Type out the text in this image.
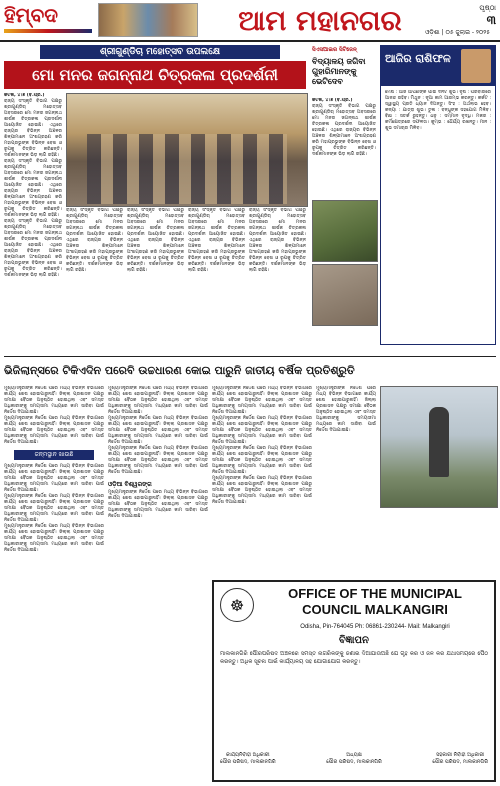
ହିମ୍ବଦ	ଆମ ମହାନଗର	ଓଡ଼ିଶା | ୦୫ ଜୁଲାଇ - ୨୦୨୫
ପୃଷ୍ଠା
୩
ଶ୍ରୀଗୁଣ୍ଡିଚା ମହୋତ୍ସବ ଉପଲକ୍ଷେ
ମୋ ମନର ଜଗନ୍ନାଥ ଚିତ୍ରକଳା ପ୍ରଦର୍ଶନୀ
କଟକ, ୪।୭ (ବି.ପ୍ର.)
ରାଜ୍ୟ ସଂସ୍କୃତି ବିଭାଗ ପକ୍ଷରୁ ଶ୍ରୀଗୁଣ୍ଡିଚା ମହୋତ୍ସବ ଅବସରରେ ମୋ ମନର ଜଗନ୍ନାଥ ଶୀର୍ଷକ ଚିତ୍ରକଳା ପ୍ରଦର୍ଶନୀ ଆୟୋଜିତ ହୋଇଛି। ଏଥିରେ ରାଜ୍ୟର ବିଭିନ୍ନ ଅଞ୍ଚଳର ଶିଳ୍ପୀମାନେ ଅଂଶଗ୍ରହଣ କରି ମହାପ୍ରଭୁଙ୍କ ବିଭିନ୍ନ ବେଶ ଓ ରୂପକୁ ଚିତ୍ରିତ କରିଛନ୍ତି। ଦର୍ଶକମାନଙ୍କ ଭିଡ଼ ଲାଗି ରହିଛି।
ରାଜ୍ୟ ସଂସ୍କୃତି ବିଭାଗ ପକ୍ଷରୁ ଶ୍ରୀଗୁଣ୍ଡିଚା ମହୋତ୍ସବ ଅବସରରେ ମୋ ମନର ଜଗନ୍ନାଥ ଶୀର୍ଷକ ଚିତ୍ରକଳା ପ୍ରଦର୍ଶନୀ ଆୟୋଜିତ ହୋଇଛି। ଏଥିରେ ରାଜ୍ୟର ବିଭିନ୍ନ ଅଞ୍ଚଳର ଶିଳ୍ପୀମାନେ ଅଂଶଗ୍ରହଣ କରି ମହାପ୍ରଭୁଙ୍କ ବିଭିନ୍ନ ବେଶ ଓ ରୂପକୁ ଚିତ୍ରିତ କରିଛନ୍ତି। ଦର୍ଶକମାନଙ୍କ ଭିଡ଼ ଲାଗି ରହିଛି।
ରାଜ୍ୟ ସଂସ୍କୃତି ବିଭାଗ ପକ୍ଷରୁ ଶ୍ରୀଗୁଣ୍ଡିଚା ମହୋତ୍ସବ ଅବସରରେ ମୋ ମନର ଜଗନ୍ନାଥ ଶୀର୍ଷକ ଚିତ୍ରକଳା ପ୍ରଦର୍ଶନୀ ଆୟୋଜିତ ହୋଇଛି। ଏଥିରେ ରାଜ୍ୟର ବିଭିନ୍ନ ଅଞ୍ଚଳର ଶିଳ୍ପୀମାନେ ଅଂଶଗ୍ରହଣ କରି ମହାପ୍ରଭୁଙ୍କ ବିଭିନ୍ନ ବେଶ ଓ ରୂପକୁ ଚିତ୍ରିତ କରିଛନ୍ତି। ଦର୍ଶକମାନଙ୍କ ଭିଡ଼ ଲାଗି ରହିଛି।
ରାଜ୍ୟ ସଂସ୍କୃତି ବିଭାଗ ପକ୍ଷରୁ ଶ୍ରୀଗୁଣ୍ଡିଚା ମହୋତ୍ସବ ଅବସରରେ ମୋ ମନର ଜଗନ୍ନାଥ ଶୀର୍ଷକ ଚିତ୍ରକଳା ପ୍ରଦର୍ଶନୀ ଆୟୋଜିତ ହୋଇଛି। ଏଥିରେ ରାଜ୍ୟର ବିଭିନ୍ନ ଅଞ୍ଚଳର ଶିଳ୍ପୀମାନେ ଅଂଶଗ୍ରହଣ କରି ମହାପ୍ରଭୁଙ୍କ ବିଭିନ୍ନ ବେଶ ଓ ରୂପକୁ ଚିତ୍ରିତ କରିଛନ୍ତି। ଦର୍ଶକମାନଙ୍କ ଭିଡ଼ ଲାଗି ରହିଛି।
ରାଜ୍ୟ ସଂସ୍କୃତି ବିଭାଗ ପକ୍ଷରୁ ଶ୍ରୀଗୁଣ୍ଡିଚା ମହୋତ୍ସବ ଅବସରରେ ମୋ ମନର ଜଗନ୍ନାଥ ଶୀର୍ଷକ ଚିତ୍ରକଳା ପ୍ରଦର୍ଶନୀ ଆୟୋଜିତ ହୋଇଛି। ଏଥିରେ ରାଜ୍ୟର ବିଭିନ୍ନ ଅଞ୍ଚଳର ଶିଳ୍ପୀମାନେ ଅଂଶଗ୍ରହଣ କରି ମହାପ୍ରଭୁଙ୍କ ବିଭିନ୍ନ ବେଶ ଓ ରୂପକୁ ଚିତ୍ରିତ କରିଛନ୍ତି। ଦର୍ଶକମାନଙ୍କ ଭିଡ଼ ଲାଗି ରହିଛି।
ରାଜ୍ୟ ସଂସ୍କୃତି ବିଭାଗ ପକ୍ଷରୁ ଶ୍ରୀଗୁଣ୍ଡିଚା ମହୋତ୍ସବ ଅବସରରେ ମୋ ମନର ଜଗନ୍ନାଥ ଶୀର୍ଷକ ଚିତ୍ରକଳା ପ୍ରଦର୍ଶନୀ ଆୟୋଜିତ ହୋଇଛି। ଏଥିରେ ରାଜ୍ୟର ବିଭିନ୍ନ ଅଞ୍ଚଳର ଶିଳ୍ପୀମାନେ ଅଂଶଗ୍ରହଣ କରି ମହାପ୍ରଭୁଙ୍କ ବିଭିନ୍ନ ବେଶ ଓ ରୂପକୁ ଚିତ୍ରିତ କରିଛନ୍ତି। ଦର୍ଶକମାନଙ୍କ ଭିଡ଼ ଲାଗି ରହିଛି।
ରାଜ୍ୟ ସଂସ୍କୃତି ବିଭାଗ ପକ୍ଷରୁ ଶ୍ରୀଗୁଣ୍ଡିଚା ମହୋତ୍ସବ ଅବସରରେ ମୋ ମନର ଜଗନ୍ନାଥ ଶୀର୍ଷକ ଚିତ୍ରକଳା ପ୍ରଦର୍ଶନୀ ଆୟୋଜିତ ହୋଇଛି। ଏଥିରେ ରାଜ୍ୟର ବିଭିନ୍ନ ଅଞ୍ଚଳର ଶିଳ୍ପୀମାନେ ଅଂଶଗ୍ରହଣ କରି ମହାପ୍ରଭୁଙ୍କ ବିଭିନ୍ନ ବେଶ ଓ ରୂପକୁ ଚିତ୍ରିତ କରିଛନ୍ତି। ଦର୍ଶକମାନଙ୍କ ଭିଡ଼ ଲାଗି ରହିଛି।
ସିଏସଆଇର ସିଟିଜେନ୍
ବିଦ୍ୟାଳୟ ଜଗିବା ଗୁହାରିମାନଙ୍କୁ ଭେଟିଦେବ
କଟକ, ୪।୭ (ବି.ପ୍ର.)
ରାଜ୍ୟ ସଂସ୍କୃତି ବିଭାଗ ପକ୍ଷରୁ ଶ୍ରୀଗୁଣ୍ଡିଚା ମହୋତ୍ସବ ଅବସରରେ ମୋ ମନର ଜଗନ୍ନାଥ ଶୀର୍ଷକ ଚିତ୍ରକଳା ପ୍ରଦର୍ଶନୀ ଆୟୋଜିତ ହୋଇଛି। ଏଥିରେ ରାଜ୍ୟର ବିଭିନ୍ନ ଅଞ୍ଚଳର ଶିଳ୍ପୀମାନେ ଅଂଶଗ୍ରହଣ କରି ମହାପ୍ରଭୁଙ୍କ ବିଭିନ୍ନ ବେଶ ଓ ରୂପକୁ ଚିତ୍ରିତ କରିଛନ୍ତି। ଦର୍ଶକମାନଙ୍କ ଭିଡ଼ ଲାଗି ରହିଛି।
ଆଜିର ରାଶିଫଳ
ମେଷ : ଆଜି ଆପଣଙ୍କ ପାଇଁ ଦିନଟି ଶୁଭ। ବୃଷ : ପରିବାରରେ ଆନନ୍ଦ ରହିବ। ମିଥୁନ : ନୂଆ କାମ ଆରମ୍ଭ କରନ୍ତୁ। କର୍କଟ : ସ୍ୱାସ୍ଥ୍ୟ ପ୍ରତି ଧ୍ୟାନ ଦିଅନ୍ତୁ। ସିଂହ : ଅର୍ଥଲାଭ ହେବ। କନ୍ୟା : ଯାତ୍ରା ଶୁଭ। ତୁଳା : ବନ୍ଧୁଙ୍କ ସହଯୋଗ ମିଳିବ। ବିଛା : ସତର୍କ ରୁହନ୍ତୁ। ଧନୁ : ସମ୍ମାନ ବୃଦ୍ଧି। ମକର : କର୍ମକ୍ଷେତ୍ରରେ ସଫଳତା। କୁମ୍ଭ : ଧୈର୍ଯ୍ୟ ରଖନ୍ତୁ। ମୀନ : ଶୁଭ ସମାଚାର ମିଳିବ।
ଭିଜିଲାନ୍ସରେ ଟିକିଏଦିନ ପରେବି ଉଚ୍ଚଧାରଣ କୋଇ ପାରୁନି ଜାତୀୟ ବର୍ଷିକ ପ୍ରତିଶ୍ରୁତି
ମୁଖ୍ୟମନ୍ତ୍ରୀଙ୍କ ନିର୍ଦ୍ଦେଶ ପରେ ମଧ୍ୟ ବିଭିନ୍ନ ବିଭାଗରେ କାର୍ଯ୍ୟ ଶେଷ ହୋଇପାରୁନାହିଁ। ଜିଲ୍ଲା ପ୍ରଶାସନ ପକ୍ଷରୁ ସମୀକ୍ଷା ବୈଠକ ଅନୁଷ୍ଠିତ ହୋଇଥିଲା ଏବଂ ସମସ୍ତ ଅଧିକାରୀଙ୍କୁ ସମୟସୀମା ମଧ୍ୟରେ କାମ ସାରିବା ପାଇଁ ନିର୍ଦ୍ଦେଶ ଦିଆଯାଇଛି।
ମୁଖ୍ୟମନ୍ତ୍ରୀଙ୍କ ନିର୍ଦ୍ଦେଶ ପରେ ମଧ୍ୟ ବିଭିନ୍ନ ବିଭାଗରେ କାର୍ଯ୍ୟ ଶେଷ ହୋଇପାରୁନାହିଁ। ଜିଲ୍ଲା ପ୍ରଶାସନ ପକ୍ଷରୁ ସମୀକ୍ଷା ବୈଠକ ଅନୁଷ୍ଠିତ ହୋଇଥିଲା ଏବଂ ସମସ୍ତ ଅଧିକାରୀଙ୍କୁ ସମୟସୀମା ମଧ୍ୟରେ କାମ ସାରିବା ପାଇଁ ନିର୍ଦ୍ଦେଶ ଦିଆଯାଇଛି।
ଜନ୍ମସ୍ଥାନ ଖାଉଛି
ମୁଖ୍ୟମନ୍ତ୍ରୀଙ୍କ ନିର୍ଦ୍ଦେଶ ପରେ ମଧ୍ୟ ବିଭିନ୍ନ ବିଭାଗରେ କାର୍ଯ୍ୟ ଶେଷ ହୋଇପାରୁନାହିଁ। ଜିଲ୍ଲା ପ୍ରଶାସନ ପକ୍ଷରୁ ସମୀକ୍ଷା ବୈଠକ ଅନୁଷ୍ଠିତ ହୋଇଥିଲା ଏବଂ ସମସ୍ତ ଅଧିକାରୀଙ୍କୁ ସମୟସୀମା ମଧ୍ୟରେ କାମ ସାରିବା ପାଇଁ ନିର୍ଦ୍ଦେଶ ଦିଆଯାଇଛି।
ମୁଖ୍ୟମନ୍ତ୍ରୀଙ୍କ ନିର୍ଦ୍ଦେଶ ପରେ ମଧ୍ୟ ବିଭିନ୍ନ ବିଭାଗରେ କାର୍ଯ୍ୟ ଶେଷ ହୋଇପାରୁନାହିଁ। ଜିଲ୍ଲା ପ୍ରଶାସନ ପକ୍ଷରୁ ସମୀକ୍ଷା ବୈଠକ ଅନୁଷ୍ଠିତ ହୋଇଥିଲା ଏବଂ ସମସ୍ତ ଅଧିକାରୀଙ୍କୁ ସମୟସୀମା ମଧ୍ୟରେ କାମ ସାରିବା ପାଇଁ ନିର୍ଦ୍ଦେଶ ଦିଆଯାଇଛି।
ମୁଖ୍ୟମନ୍ତ୍ରୀଙ୍କ ନିର୍ଦ୍ଦେଶ ପରେ ମଧ୍ୟ ବିଭିନ୍ନ ବିଭାଗରେ କାର୍ଯ୍ୟ ଶେଷ ହୋଇପାରୁନାହିଁ। ଜିଲ୍ଲା ପ୍ରଶାସନ ପକ୍ଷରୁ ସମୀକ୍ଷା ବୈଠକ ଅନୁଷ୍ଠିତ ହୋଇଥିଲା ଏବଂ ସମସ୍ତ ଅଧିକାରୀଙ୍କୁ ସମୟସୀମା ମଧ୍ୟରେ କାମ ସାରିବା ପାଇଁ ନିର୍ଦ୍ଦେଶ ଦିଆଯାଇଛି।
ମୁଖ୍ୟମନ୍ତ୍ରୀଙ୍କ ନିର୍ଦ୍ଦେଶ ପରେ ମଧ୍ୟ ବିଭିନ୍ନ ବିଭାଗରେ କାର୍ଯ୍ୟ ଶେଷ ହୋଇପାରୁନାହିଁ। ଜିଲ୍ଲା ପ୍ରଶାସନ ପକ୍ଷରୁ ସମୀକ୍ଷା ବୈଠକ ଅନୁଷ୍ଠିତ ହୋଇଥିଲା ଏବଂ ସମସ୍ତ ଅଧିକାରୀଙ୍କୁ ସମୟସୀମା ମଧ୍ୟରେ କାମ ସାରିବା ପାଇଁ ନିର୍ଦ୍ଦେଶ ଦିଆଯାଇଛି।
ମୁଖ୍ୟମନ୍ତ୍ରୀଙ୍କ ନିର୍ଦ୍ଦେଶ ପରେ ମଧ୍ୟ ବିଭିନ୍ନ ବିଭାଗରେ କାର୍ଯ୍ୟ ଶେଷ ହୋଇପାରୁନାହିଁ। ଜିଲ୍ଲା ପ୍ରଶାସନ ପକ୍ଷରୁ ସମୀକ୍ଷା ବୈଠକ ଅନୁଷ୍ଠିତ ହୋଇଥିଲା ଏବଂ ସମସ୍ତ ଅଧିକାରୀଙ୍କୁ ସମୟସୀମା ମଧ୍ୟରେ କାମ ସାରିବା ପାଇଁ ନିର୍ଦ୍ଦେଶ ଦିଆଯାଇଛି।
ମୁଖ୍ୟମନ୍ତ୍ରୀଙ୍କ ନିର୍ଦ୍ଦେଶ ପରେ ମଧ୍ୟ ବିଭିନ୍ନ ବିଭାଗରେ କାର୍ଯ୍ୟ ଶେଷ ହୋଇପାରୁନାହିଁ। ଜିଲ୍ଲା ପ୍ରଶାସନ ପକ୍ଷରୁ ସମୀକ୍ଷା ବୈଠକ ଅନୁଷ୍ଠିତ ହୋଇଥିଲା ଏବଂ ସମସ୍ତ ଅଧିକାରୀଙ୍କୁ ସମୟସୀମା ମଧ୍ୟରେ କାମ ସାରିବା ପାଇଁ ନିର୍ଦ୍ଦେଶ ଦିଆଯାଇଛି।
ଓଡ଼ିଆ ବିଶ୍ୱରଙ୍ଗ
ମୁଖ୍ୟମନ୍ତ୍ରୀଙ୍କ ନିର୍ଦ୍ଦେଶ ପରେ ମଧ୍ୟ ବିଭିନ୍ନ ବିଭାଗରେ କାର୍ଯ୍ୟ ଶେଷ ହୋଇପାରୁନାହିଁ। ଜିଲ୍ଲା ପ୍ରଶାସନ ପକ୍ଷରୁ ସମୀକ୍ଷା ବୈଠକ ଅନୁଷ୍ଠିତ ହୋଇଥିଲା ଏବଂ ସମସ୍ତ ଅଧିକାରୀଙ୍କୁ ସମୟସୀମା ମଧ୍ୟରେ କାମ ସାରିବା ପାଇଁ ନିର୍ଦ୍ଦେଶ ଦିଆଯାଇଛି।
ମୁଖ୍ୟମନ୍ତ୍ରୀଙ୍କ ନିର୍ଦ୍ଦେଶ ପରେ ମଧ୍ୟ ବିଭିନ୍ନ ବିଭାଗରେ କାର୍ଯ୍ୟ ଶେଷ ହୋଇପାରୁନାହିଁ। ଜିଲ୍ଲା ପ୍ରଶାସନ ପକ୍ଷରୁ ସମୀକ୍ଷା ବୈଠକ ଅନୁଷ୍ଠିତ ହୋଇଥିଲା ଏବଂ ସମସ୍ତ ଅଧିକାରୀଙ୍କୁ ସମୟସୀମା ମଧ୍ୟରେ କାମ ସାରିବା ପାଇଁ ନିର୍ଦ୍ଦେଶ ଦିଆଯାଇଛି।
ମୁଖ୍ୟମନ୍ତ୍ରୀଙ୍କ ନିର୍ଦ୍ଦେଶ ପରେ ମଧ୍ୟ ବିଭିନ୍ନ ବିଭାଗରେ କାର୍ଯ୍ୟ ଶେଷ ହୋଇପାରୁନାହିଁ। ଜିଲ୍ଲା ପ୍ରଶାସନ ପକ୍ଷରୁ ସମୀକ୍ଷା ବୈଠକ ଅନୁଷ୍ଠିତ ହୋଇଥିଲା ଏବଂ ସମସ୍ତ ଅଧିକାରୀଙ୍କୁ ସମୟସୀମା ମଧ୍ୟରେ କାମ ସାରିବା ପାଇଁ ନିର୍ଦ୍ଦେଶ ଦିଆଯାଇଛି।
ମୁଖ୍ୟମନ୍ତ୍ରୀଙ୍କ ନିର୍ଦ୍ଦେଶ ପରେ ମଧ୍ୟ ବିଭିନ୍ନ ବିଭାଗରେ କାର୍ଯ୍ୟ ଶେଷ ହୋଇପାରୁନାହିଁ। ଜିଲ୍ଲା ପ୍ରଶାସନ ପକ୍ଷରୁ ସମୀକ୍ଷା ବୈଠକ ଅନୁଷ୍ଠିତ ହୋଇଥିଲା ଏବଂ ସମସ୍ତ ଅଧିକାରୀଙ୍କୁ ସମୟସୀମା ମଧ୍ୟରେ କାମ ସାରିବା ପାଇଁ ନିର୍ଦ୍ଦେଶ ଦିଆଯାଇଛି।
ମୁଖ୍ୟମନ୍ତ୍ରୀଙ୍କ ନିର୍ଦ୍ଦେଶ ପରେ ମଧ୍ୟ ବିଭିନ୍ନ ବିଭାଗରେ କାର୍ଯ୍ୟ ଶେଷ ହୋଇପାରୁନାହିଁ। ଜିଲ୍ଲା ପ୍ରଶାସନ ପକ୍ଷରୁ ସମୀକ୍ଷା ବୈଠକ ଅନୁଷ୍ଠିତ ହୋଇଥିଲା ଏବଂ ସମସ୍ତ ଅଧିକାରୀଙ୍କୁ ସମୟସୀମା ମଧ୍ୟରେ କାମ ସାରିବା ପାଇଁ ନିର୍ଦ୍ଦେଶ ଦିଆଯାଇଛି।
ମୁଖ୍ୟମନ୍ତ୍ରୀଙ୍କ ନିର୍ଦ୍ଦେଶ ପରେ ମଧ୍ୟ ବିଭିନ୍ନ ବିଭାଗରେ କାର୍ଯ୍ୟ ଶେଷ ହୋଇପାରୁନାହିଁ। ଜିଲ୍ଲା ପ୍ରଶାସନ ପକ୍ଷରୁ ସମୀକ୍ଷା ବୈଠକ ଅନୁଷ୍ଠିତ ହୋଇଥିଲା ଏବଂ ସମସ୍ତ ଅଧିକାରୀଙ୍କୁ ସମୟସୀମା ମଧ୍ୟରେ କାମ ସାରିବା ପାଇଁ ନିର୍ଦ୍ଦେଶ ଦିଆଯାଇଛି।
☸
OFFICE OF THE MUNICIPAL COUNCIL MALKANGIRI
Odisha, Pin-764045 Ph: 06861-230244- Mail: Malkangiri
ବିଜ୍ଞାପନ
ମାଲକାନଗିରି ପୌରପରିଷଦ ଅଞ୍ଚଳରେ ସମସ୍ତ ନାଗରିକଙ୍କୁ ଜଣାଇ ଦିଆଯାଉଅଛି ଯେ ଗୃହ କର ଓ ଜଳ କର ଯଥାସମୟରେ ପୈଠ କରନ୍ତୁ। ଅଧିକ ସୂଚନା ପାଇଁ କାର୍ଯ୍ୟାଳୟ ସହ ଯୋଗାଯୋଗ କରନ୍ତୁ।
କାର୍ଯ୍ୟନିର୍ବାହୀ ଅଧିକାରୀ
ପୌର ପରିଷଦ, ମାଲକାନଗିରି
ଅଧ୍ୟକ୍ଷ
ପୌର ପରିଷଦ, ମାଲକାନଗିରି
ସହକାରୀ ନିର୍ବାହୀ ଅଧିକାରୀ
ପୌର ପରିଷଦ, ମାଲକାନଗିରି
